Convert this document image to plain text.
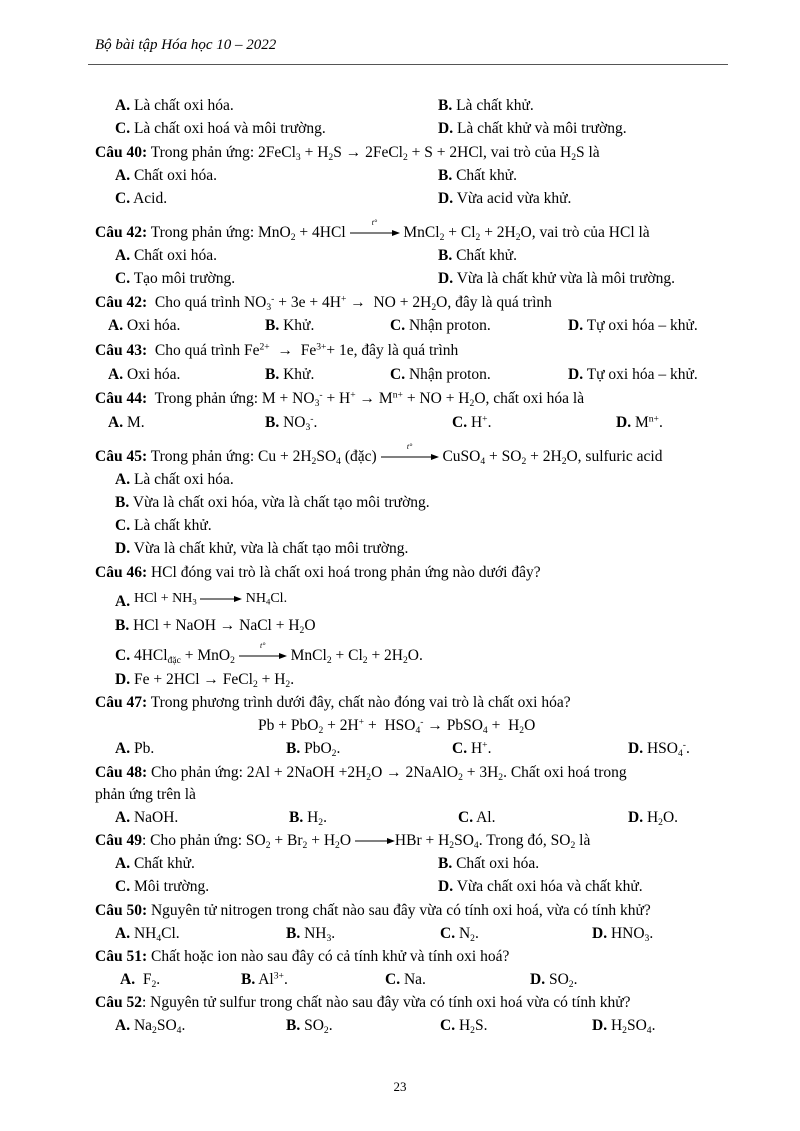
Bộ bài tập Hóa học 10 – 2022
A. Là chất oxi hóa.	B. Là chất khử.
C. Là chất oxi hoá và môi trường.	D. Là chất khử và môi trường.
Câu 40: Trong phản ứng: 2FeCl$_3$ + $H_2S$ → 2FeCl$_2$ + S + 2HCl, vai trò của $H_2S$ là
A. Chất oxi hóa.	B. Chất khử.
C. Acid.	D. Vừa acid vừa khử.
Câu 42: Trong phản ứng: MnO$_2$ + 4HCl
t°
MnCl$_2$ + $Cl_2 + 2H_2O$, vai trò của HCl là
A. Chất oxi hóa.	B. Chất khử.
C. Tạo môi trường.	D. Vừa là chất khử vừa là môi trường.
Câu 42: Cho quá trình $NO_3^- + 3e + 4H^+$ →  NO + $2H_2O$, đây là quá trình
A. Oxi hóa.	B. Khử.	C. Nhận proton.	D. Tự oxi hóa – khử.
Câu 43: Cho quá trình $Fe^{2+} \to Fe^{3+}+ 1e$, đây là quá trình
A. Oxi hóa.	B. Khử.	C. Nhận proton.	D. Tự oxi hóa – khử.
Câu 44: Trong phản ứng: $M + NO_3^- + H^+ \to M^{n+}$ + NO + $H_2O$, chất oxi hóa là
A. M.	B. $NO_3^-$.	C. H+.	D. $M^{n+}$.
Câu 45: Trong phản ứng: $Cu + 2H_2SO_4$ (đặc)
t°
CuSO$_4$ + $SO_2 + 2H_2O$, sulfuric acid
A. Là chất oxi hóa.
B. Vừa là chất oxi hóa, vừa là chất tạo môi trường.
C. Là chất khử.
D. Vừa là chất khử, vừa là chất tạo môi trường.
Câu 46: HCl đóng vai trò là chất oxi hoá trong phản ứng nào dưới đây?
A. HCl + $NH_3 \to NH_4Cl$.
B. HCl + NaOH → NaCl + $H_2O$
C. 4HCl$_{đặc}$ + MnO$_2$
t°
MnCl$_2$ + $Cl_2 + 2H_2O$.
D. Fe + 2HCl → FeCl$_2$ + $H_2$.
Câu 47: Trong phương trình dưới đây, chất nào đóng vai trò là chất oxi hóa?
$Pb + PbO_2 + 2H^+ + HSO_4^-$ → PbSO$_4$ +  $H_2O$
A. Pb.	B. PbO$_2$.	C. H+.	D. $HSO_4^-$.
Câu 48: Cho phản ứng: 2Al + 2NaOH $+2H_2O$ → 2NaAlO$_2$ + $3H_2$. Chất oxi hoá trong
phản ứng trên là
A. NaOH.	B. $H_2$.	C. Al.	D. $H_2O$.
Câu 49: Cho phản ứng: $SO_2 + Br_2 + H_2O \to HBr + H_2SO_4$. Trong đó, $SO_2$ là
A. Chất khử.	B. Chất oxi hóa.
C. Môi trường.	D. Vừa chất oxi hóa và chất khử.
Câu 50: Nguyên tử nitrogen trong chất nào sau đây vừa có tính oxi hoá, vừa có tính khử?
A. $NH_4Cl$.	B. $NH_3$.	C. $N_2$.	D. $HNO_3$.
Câu 51: Chất hoặc ion nào sau đây có cả tính khử và tính oxi hoá?
A.  $F_2$.	B. $Al^{3+}$.	C. Na.	D. $SO_2$.
Câu 52: Nguyên tử sulfur trong chất nào sau đây vừa có tính oxi hoá vừa có tính khử?
A. $Na_2SO_4$.	B. $SO_2$.	C. $H_2S$.	D. $H_2SO_4$.
23
